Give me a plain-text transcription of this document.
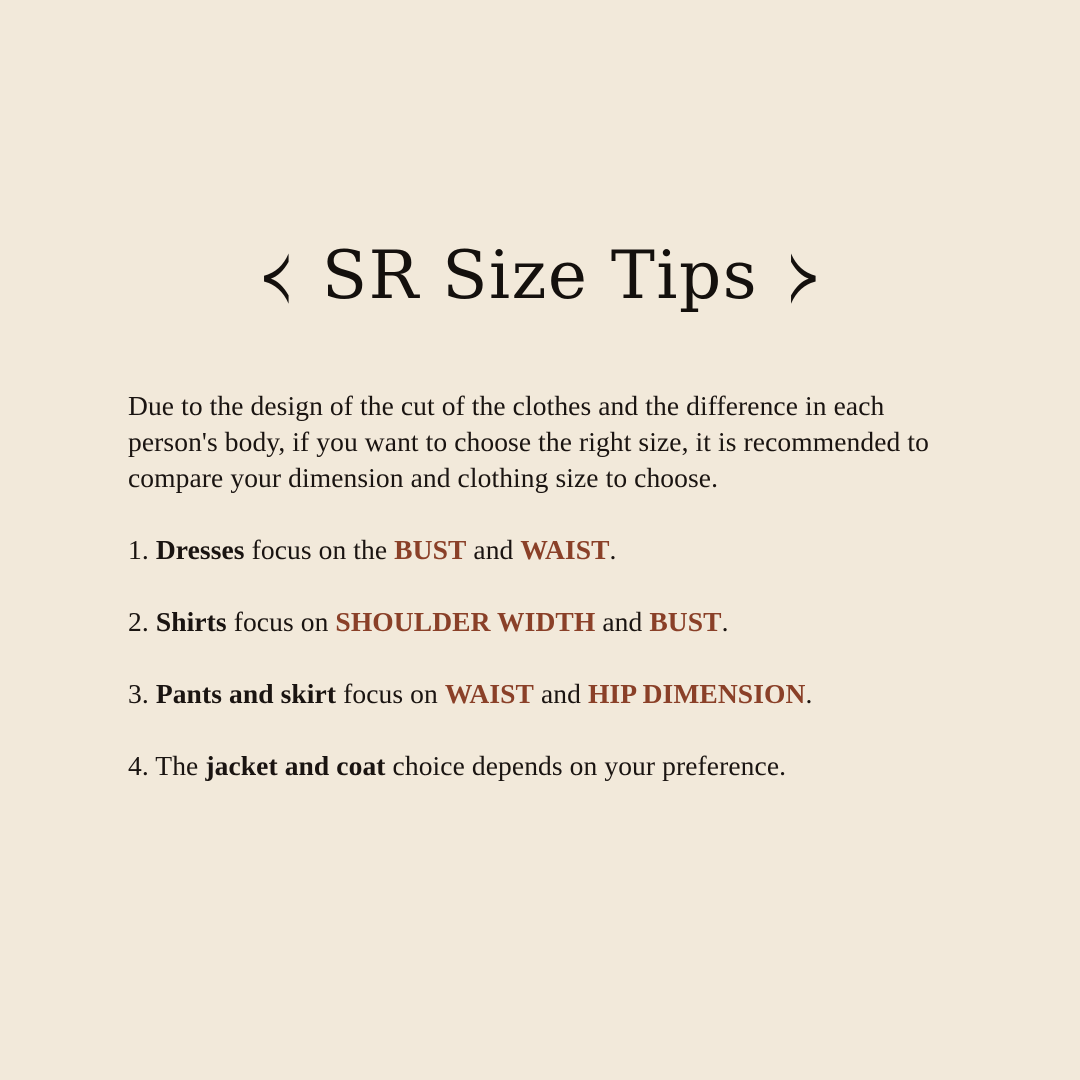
≺ SR Size Tips ≻

Due to the design of the cut of the clothes and the difference in each person's body, if you want to choose the right size, it is recommended to compare your dimension and clothing size to choose.

1. Dresses focus on the BUST and WAIST.
2. Shirts focus on SHOULDER WIDTH and BUST.
3. Pants and skirt focus on WAIST and HIP DIMENSION.
4. The jacket and coat choice depends on your preference.
